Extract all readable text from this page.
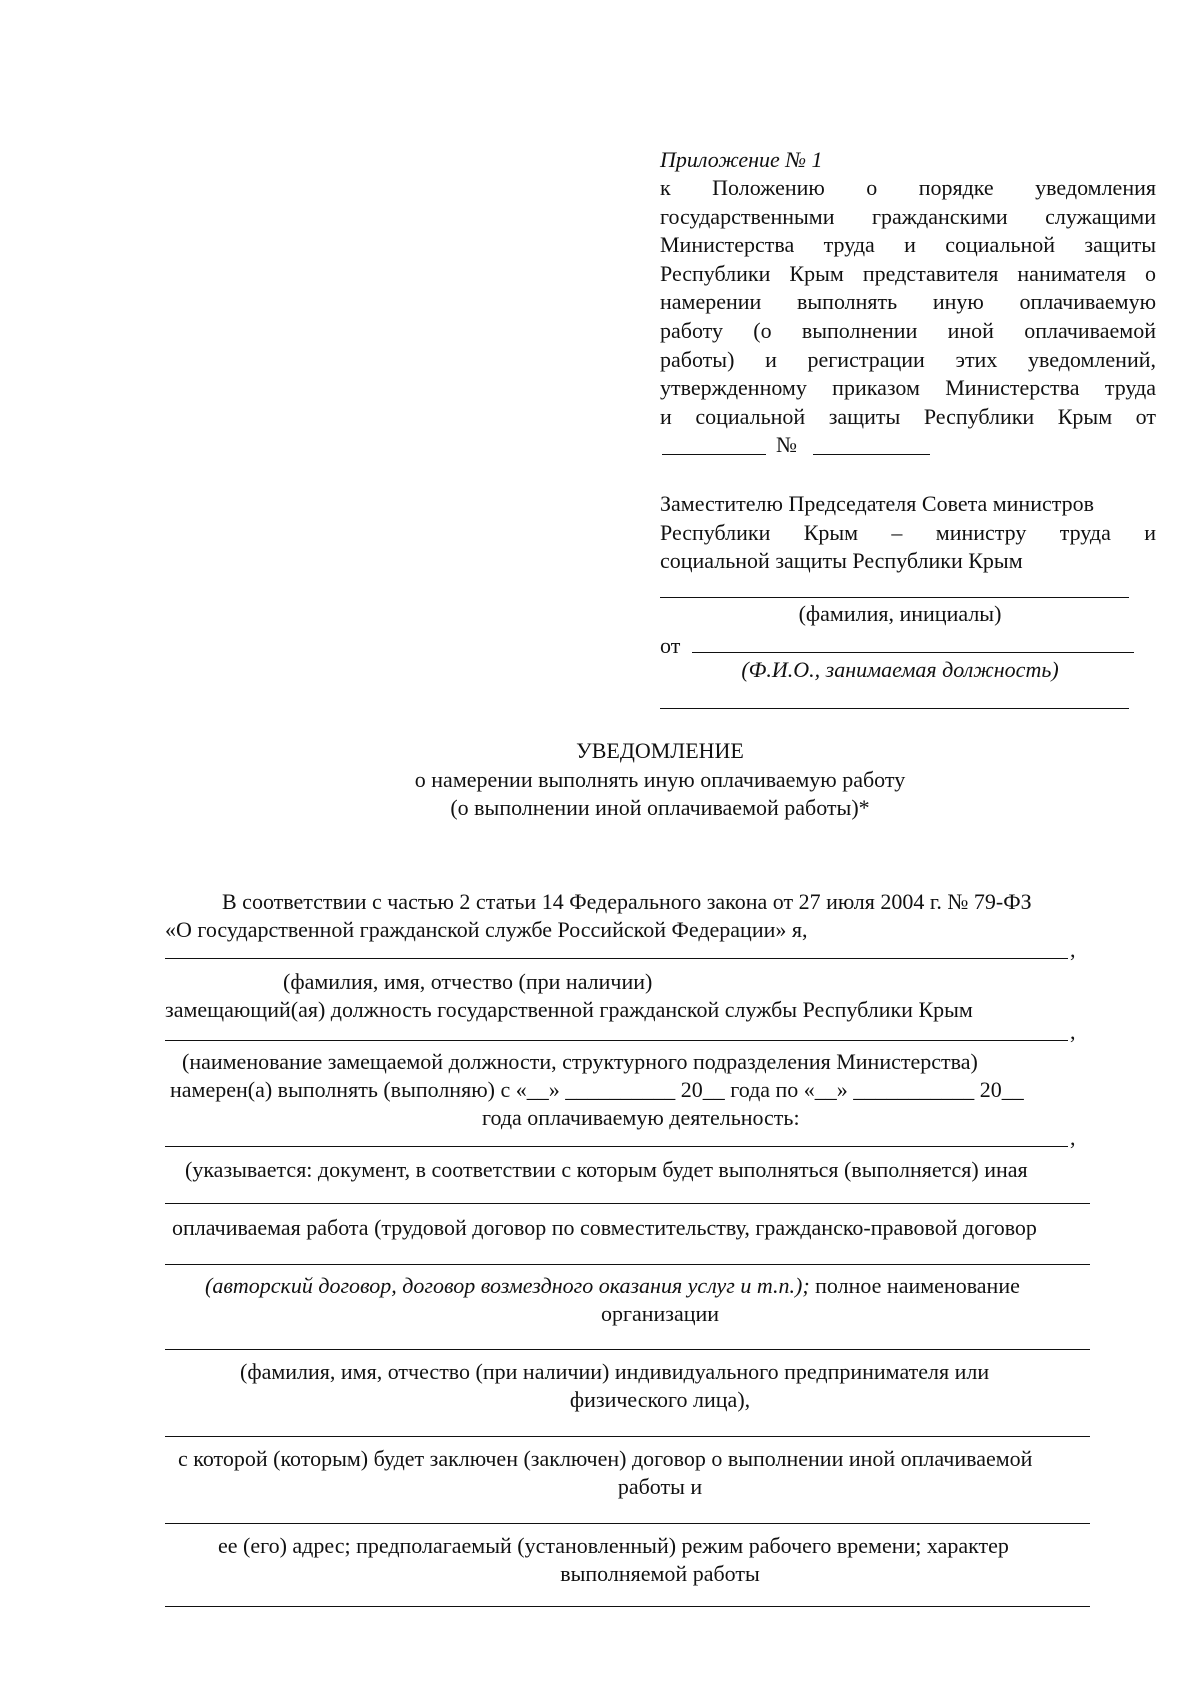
Приложение № 1
к Положению о порядке уведомления
государственными гражданскими служащими
Министерства труда и социальной защиты
Республики Крым представителя нанимателя о
намерении выполнять иную оплачиваемую
работу (о выполнении иной оплачиваемой
работы) и регистрации этих уведомлений,
утвержденному приказом Министерства труда
и социальной защиты Республики Крым от
№
Заместителю Председателя Совета министров
Республики Крым – министру труда и
социальной защиты Республики Крым
(фамилия, инициалы)
от
(Ф.И.О., занимаемая должность)
УВЕДОМЛЕНИЕ
о намерении выполнять иную оплачиваемую работу
(о выполнении иной оплачиваемой работы)*
В соответствии с частью 2 статьи 14 Федерального закона от 27 июля 2004 г. № 79-ФЗ
«О государственной гражданской службе Российской Федерации» я,
,
(фамилия, имя, отчество (при наличии)
замещающий(ая) должность государственной гражданской службы Республики Крым
,
(наименование замещаемой должности, структурного подразделения Министерства)
намерен(а) выполнять (выполняю) с «__» __________ 20__ года по «__» ___________ 20__
года оплачиваемую деятельность:
,
(указывается: документ, в соответствии с которым будет выполняться (выполняется) иная
оплачиваемая работа (трудовой договор по совместительству, гражданско-правовой договор
(авторский договор, договор возмездного оказания услуг и т.п.); полное наименование
организации
(фамилия, имя, отчество (при наличии) индивидуального предпринимателя или
физического лица),
с которой (которым) будет заключен (заключен) договор о выполнении иной оплачиваемой
работы и
ее (его) адрес; предполагаемый (установленный) режим рабочего времени; характер
выполняемой работы
